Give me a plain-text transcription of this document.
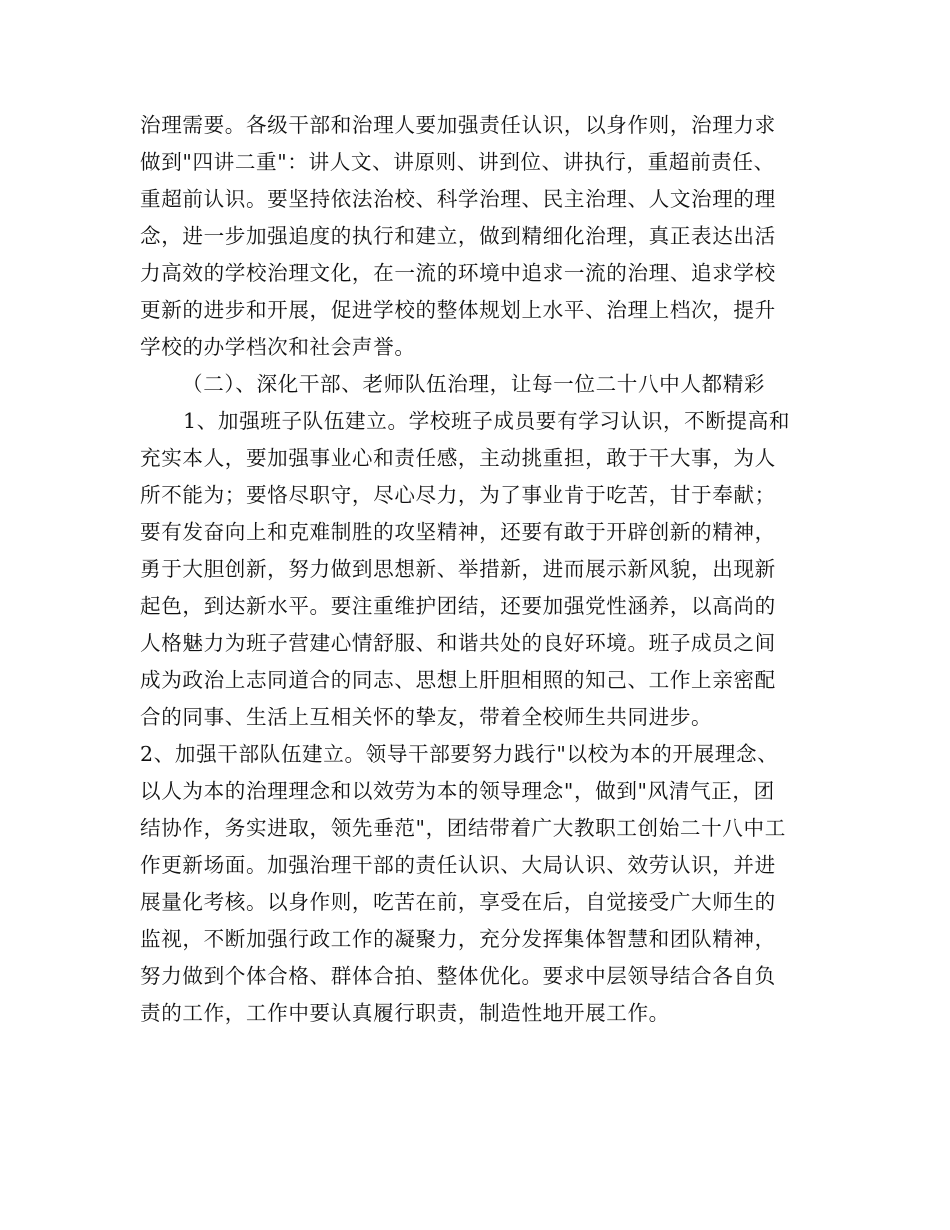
治理需要。各级干部和治理人要加强责任认识，以身作则，治理力求
做到"四讲二重"：讲人文、讲原则、讲到位、讲执行，重超前责任、
重超前认识。要坚持依法治校、科学治理、民主治理、人文治理的理
念，进一步加强追度的执行和建立，做到精细化治理，真正表达出活
力高效的学校治理文化，在一流的环境中追求一流的治理、追求学校
更新的进步和开展，促进学校的整体规划上水平、治理上档次，提升
学校的办学档次和社会声誉。
（二）、深化干部、老师队伍治理，让每一位二十八中人都精彩
1、加强班子队伍建立。学校班子成员要有学习认识，不断提高和
充实本人，要加强事业心和责任感，主动挑重担，敢于干大事，为人
所不能为；要恪尽职守，尽心尽力，为了事业肯于吃苦，甘于奉献；
要有发奋向上和克难制胜的攻坚精神，还要有敢于开辟创新的精神，
勇于大胆创新，努力做到思想新、举措新，进而展示新风貌，出现新
起色，到达新水平。要注重维护团结，还要加强党性涵养，以高尚的
人格魅力为班子营建心情舒服、和谐共处的良好环境。班子成员之间
成为政治上志同道合的同志、思想上肝胆相照的知己、工作上亲密配
合的同事、生活上互相关怀的挚友，带着全校师生共同进步。
2、加强干部队伍建立。领导干部要努力践行"以校为本的开展理念、
以人为本的治理理念和以效劳为本的领导理念"，做到"风清气正，团
结协作，务实进取，领先垂范"，团结带着广大教职工创始二十八中工
作更新场面。加强治理干部的责任认识、大局认识、效劳认识，并进
展量化考核。以身作则，吃苦在前，享受在后，自觉接受广大师生的
监视，不断加强行政工作的凝聚力，充分发挥集体智慧和团队精神，
努力做到个体合格、群体合拍、整体优化。要求中层领导结合各自负
责的工作，工作中要认真履行职责，制造性地开展工作。
